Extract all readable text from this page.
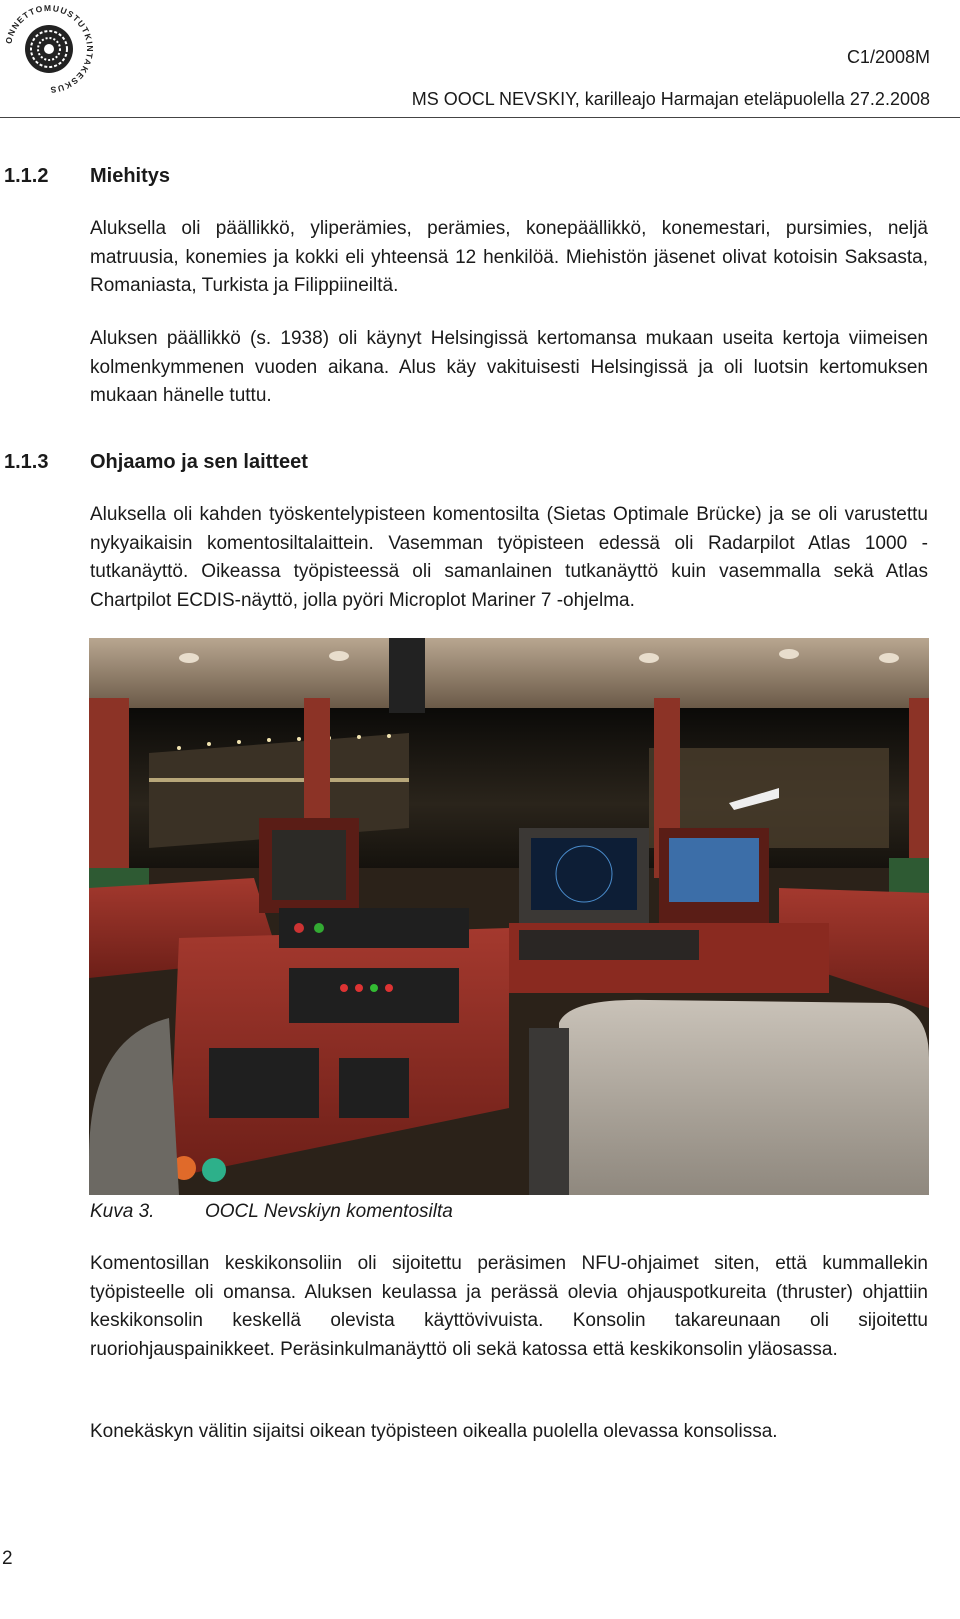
ONNETTOMUUSTUTKINTAKESKUS
C1/2008M
MS OOCL NEVSKIY, karilleajo Harmajan eteläpuolella 27.2.2008
1.1.2 Miehitys

Aluksella oli päällikkö, yliperämies, perämies, konepäällikkö, konemestari, pursimies, neljä matruusia, konemies ja kokki eli yhteensä 12 henkilöä. Miehistön jäsenet olivat kotoisin Saksasta, Romaniasta, Turkista ja Filippiineiltä.

Aluksen päällikkö (s. 1938) oli käynyt Helsingissä kertomansa mukaan useita kertoja viimeisen kolmenkymmenen vuoden aikana. Alus käy vakituisesti Helsingissä ja oli luotsin kertomuksen mukaan hänelle tuttu.

1.1.3 Ohjaamo ja sen laitteet

Aluksella oli kahden työskentelypisteen komentosilta (Sietas Optimale Brücke) ja se oli varustettu nykyaikaisin komentosiltalaittein. Vasemman työpisteen edessä oli Radarpilot Atlas 1000 -tutkanäyttö. Oikeassa työpisteessä oli samanlainen tutkanäyttö kuin vasemmalla sekä Atlas Chartpilot ECDIS-näyttö, jolla pyöri Microplot Mariner 7 -ohjelma.

Kuva 3.	OOCL Nevskiyn komentosilta

Komentosillan keskikonsoliin oli sijoitettu peräsimen NFU-ohjaimet siten, että kummallekin työpisteelle oli omansa. Aluksen keulassa ja perässä olevia ohjauspotkureita (thruster) ohjattiin keskikonsolin keskellä olevista käyttövivuista. Konsolin takareunaan oli sijoitettu ruoriohjauspainikkeet. Peräsinkulmanäyttö oli sekä katossa että keskikonsolin yläosassa.

Konekäskyn välitin sijaitsi oikean työpisteen oikealla puolella olevassa konsolissa.

2
